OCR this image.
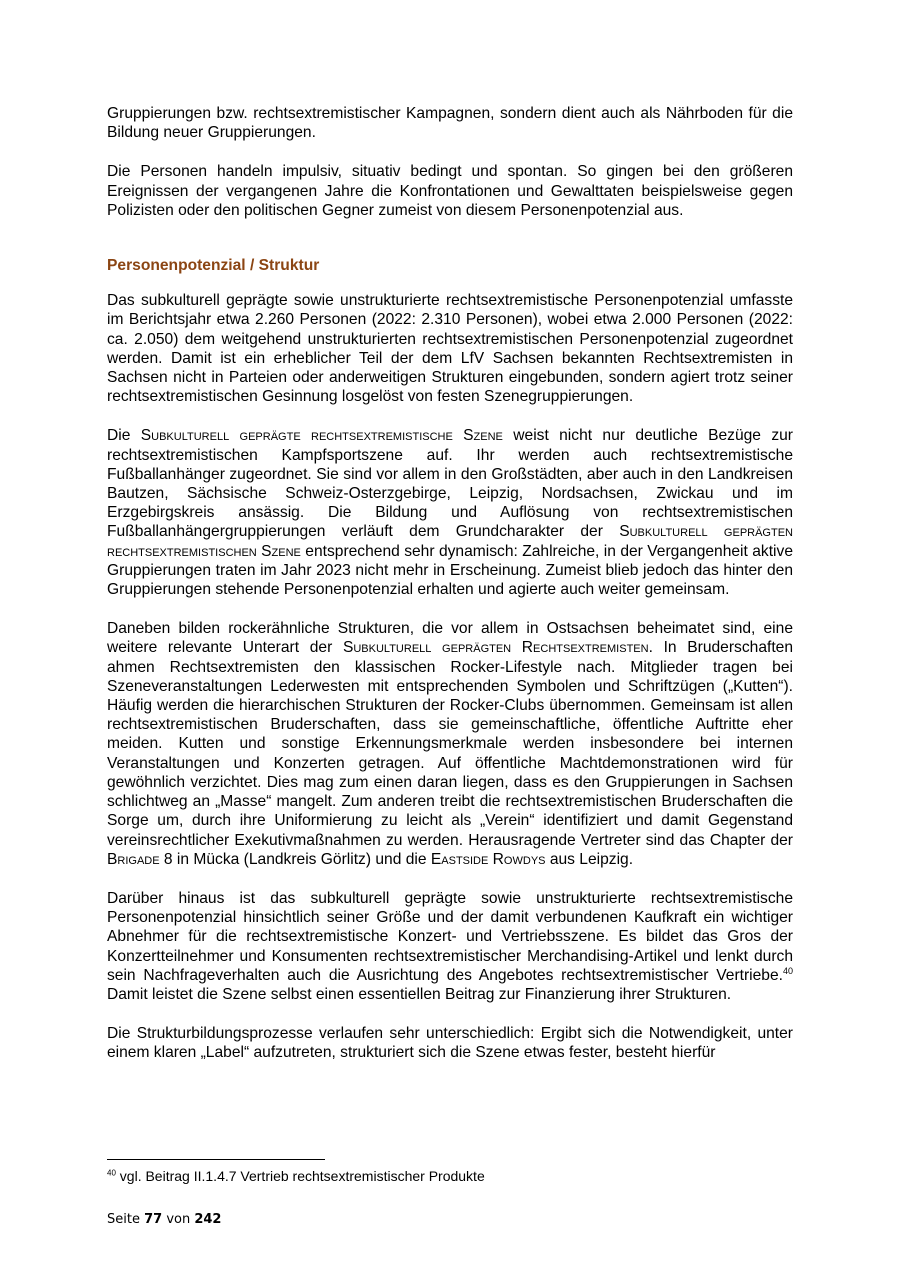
Gruppierungen bzw. rechtsextremistischer Kampagnen, sondern dient auch als Nährboden für die Bildung neuer Gruppierungen.

Die Personen handeln impulsiv, situativ bedingt und spontan. So gingen bei den größeren Ereignissen der vergangenen Jahre die Konfrontationen und Gewalttaten beispielsweise gegen Polizisten oder den politischen Gegner zumeist von diesem Personenpotenzial aus.

Personenpotenzial / Struktur

Das subkulturell geprägte sowie unstrukturierte rechtsextremistische Personenpotenzial umfasste im Berichtsjahr etwa 2.260 Personen (2022: 2.310 Personen), wobei etwa 2.000 Personen (2022: ca. 2.050) dem weitgehend unstrukturierten rechtsextremistischen Personenpotenzial zugeordnet werden. Damit ist ein erheblicher Teil der dem LfV Sachsen bekannten Rechtsextremisten in Sachsen nicht in Parteien oder anderweitigen Strukturen eingebunden, sondern agiert trotz seiner rechtsextremistischen Gesinnung losgelöst von festen Szenegruppierungen.

Die Subkulturell geprägte rechtsextremistische Szene weist nicht nur deutliche Bezüge zur rechtsextremistischen Kampfsportszene auf. Ihr werden auch rechtsextremistische Fußballanhänger zugeordnet. Sie sind vor allem in den Großstädten, aber auch in den Landkreisen Bautzen, Sächsische Schweiz-Osterzgebirge, Leipzig, Nordsachsen, Zwickau und im Erzgebirgskreis ansässig. Die Bildung und Auflösung von rechtsextremistischen Fußballanhängergruppierungen verläuft dem Grundcharakter der Subkulturell geprägten rechtsextremistischen Szene entsprechend sehr dynamisch: Zahlreiche, in der Vergangenheit aktive Gruppierungen traten im Jahr 2023 nicht mehr in Erscheinung. Zumeist blieb jedoch das hinter den Gruppierungen stehende Personenpotenzial erhalten und agierte auch weiter gemeinsam.

Daneben bilden rockerähnliche Strukturen, die vor allem in Ostsachsen beheimatet sind, eine weitere relevante Unterart der Subkulturell geprägten Rechtsextremisten. In Bruderschaften ahmen Rechtsextremisten den klassischen Rocker-Lifestyle nach. Mitglieder tragen bei Szeneveranstaltungen Lederwesten mit entsprechenden Symbolen und Schriftzügen („Kutten“). Häufig werden die hierarchischen Strukturen der Rocker-Clubs übernommen. Gemeinsam ist allen rechtsextremistischen Bruderschaften, dass sie gemeinschaftliche, öffentliche Auftritte eher meiden. Kutten und sonstige Erkennungsmerkmale werden insbesondere bei internen Veranstaltungen und Konzerten getragen. Auf öffentliche Machtdemonstrationen wird für gewöhnlich verzichtet. Dies mag zum einen daran liegen, dass es den Gruppierungen in Sachsen schlichtweg an „Masse“ mangelt. Zum anderen treibt die rechtsextremistischen Bruderschaften die Sorge um, durch ihre Uniformierung zu leicht als „Verein“ identifiziert und damit Gegenstand vereinsrechtlicher Exekutivmaßnahmen zu werden. Herausragende Vertreter sind das Chapter der Brigade 8 in Mücka (Landkreis Görlitz) und die Eastside Rowdys aus Leipzig.

Darüber hinaus ist das subkulturell geprägte sowie unstrukturierte rechtsextremistische Personenpotenzial hinsichtlich seiner Größe und der damit verbundenen Kaufkraft ein wichtiger Abnehmer für die rechtsextremistische Konzert- und Vertriebsszene. Es bildet das Gros der Konzertteilnehmer und Konsumenten rechtsextremistischer Merchandising-Artikel und lenkt durch sein Nachfrageverhalten auch die Ausrichtung des Angebotes rechtsextremistischer Vertriebe.$^{40}$ Damit leistet die Szene selbst einen essentiellen Beitrag zur Finanzierung ihrer Strukturen.

Die Strukturbildungsprozesse verlaufen sehr unterschiedlich: Ergibt sich die Notwendigkeit, unter einem klaren „Label“ aufzutreten, strukturiert sich die Szene etwas fester, besteht hierfür

$^{40}$ vgl. Beitrag II.1.4.7 Vertrieb rechtsextremistischer Produkte
Seite 77 von 242
